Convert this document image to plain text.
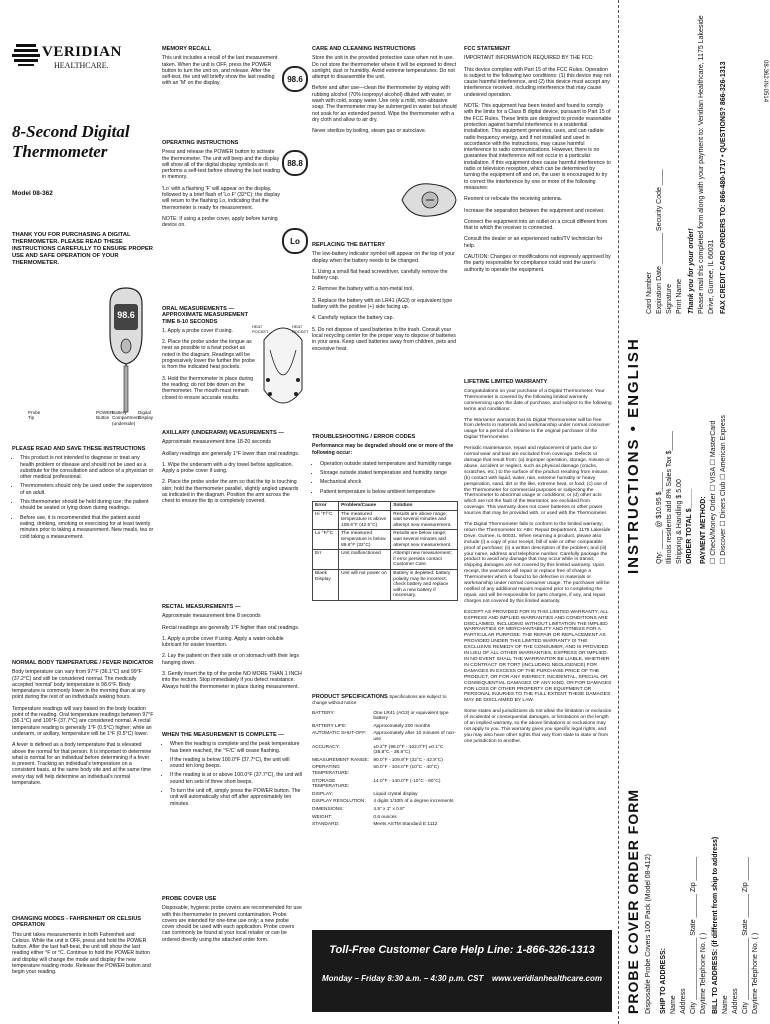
VERIDIAN
HEALTHCARE.
8-Second Digital Thermometer
Model 08-362
THANK YOU FOR PURCHASING A DIGITAL THERMOMETER. PLEASE READ THESE INSTRUCTIONS CAREFULLY TO ENSURE PROPER USE AND SAFE OPERATION OF YOUR THERMOMETER.
98.6
Probe Tip
POWER Button
Battery Compartment (underside)
Digital Display
PLEASE READ AND SAVE THESE INSTRUCTIONS
• This product is not intended to diagnose or treat any health problem or disease and should not be used as a substitute for the consultation and advice of a physician or other medical professional.
• Thermometers should only be used under the supervision of an adult.
• This thermometer should be held during use; the patient should be seated or lying down during readings.
• Before use, it is recommended that the patient avoid eating, drinking, smoking or exercising for at least twenty minutes prior to taking a measurement. New meals, tea or cold taking a measurement.
NORMAL BODY TEMPERATURE / FEVER INDICATOR

Body temperature can vary from 97°F (36.1°C) and 99°F (37.2°C) and still be considered normal. The medically accepted 'normal' body temperature is 98.6°F. Body temperature is commonly lower in the morning than at any point during the rest of an individual's waking hours.

Temperature readings will vary based on the body location point of the reading. Oral temperature readings between 97°F (36.1°C) and 100°F (37.7°C) are considered normal. A rectal temperature reading is generally 1°F (0.5°C) higher; while an underarm, or axillary, temperature will be 1°F (0.5°C) lower.

A fever is defined as a body temperature that is elevated above the normal for that person. It is important to determine what is normal for an individual before determining if a fever is present. Tracking an individual's temperature on a consistent basis, at the same body site and at the same time every day will help determine an individual's normal temperature.

CHANGING MODES - FAHRENHEIT OR CELSIUS OPERATION

This unit takes measurements in both Fahrenheit and Celsius. While the unit is OFF, press and hold the POWER button. After the last half-beat, the unit will show the last reading either °F or °C. Continue to hold the POWER button and display will change the mode and display the new temperature reading mode. Release the POWER button and begin your reading.

MEMORY RECALL

This unit includes a recall of the last measurement taken. When the unit is OFF, press the POWER button to turn the unit on, and release. After the self-test, the unit will briefly show the last reading with an 'M' on the display.	98.6
OPERATING INSTRUCTIONS

Press and release the POWER button to activate the thermometer. The unit will beep and the display will show all of the digital display symbols as it performs a self-test before showing the last reading in memory.

'Lo' with a flashing 'F' will appear on the display, followed by a brief flash of 'Lo F' (32°C); the display will return to the flashing Lo, indicating that the thermometer is ready for measurement.

NOTE: If using a probe cover, apply before turning device on.

88.8
Lo
ORAL MEASUREMENTS — APPROXIMATE MEASUREMENT TIME 8-10 SECONDS

1. Apply a probe cover if using.

2. Place the probe under the tongue as near as possible to a heat pocket as noted in the diagram. Readings will be progressively lower the further the probe is from the indicated heat pockets.

3. Hold the thermometer in place during the reading; do not bite down on the thermometer. The mouth must remain closed to ensure accurate results.

HEAT POCKET
HEAT POCKET
AXILLARY (UNDERARM) MEASUREMENTS —

Approximate measurement time 18-20 seconds

Axillary readings are generally 1°F lower than oral readings.

1. Wipe the underarm with a dry towel before application. Apply a probe cover if using.

2. Place the probe under the arm so that the tip is touching skin; hold the thermometer parallel, slightly angled upwards as indicated in the diagram. Position the arm across the chest to ensure the tip is completely covered.

RECTAL MEASUREMENTS —

Approximate measurement time 8 seconds

Rectal readings are generally 1°F higher than oral readings.

1. Apply a probe cover if using. Apply a water-soluble lubricant for easier insertion.

2. Lay the patient on their side or on stomach with their legs hanging down.

3. Gently insert the tip of the probe NO MORE THAN 1 INCH into the rectum. Stop immediately if you detect resistance. Always hold the thermometer in place during measurement.

WHEN THE MEASUREMENT IS COMPLETE —
• When the reading is complete and the peak temperature has been reached, the '°F/C' will cease flashing.
• If the reading is below 100.0°F (37.7°C), the unit will sound ten long beeps.
• If the reading is at or above 100.0°F (37.7°C), the unit will sound ten sets of three short beeps.
• To turn the unit off, simply press the POWER button. The unit will automatically shut off after approximately ten minutes.
PROBE COVER USE

Disposable, hygienic probe covers are recommended for use with this thermometer to prevent contamination. Probe covers are intended for one-time use only; a new probe cover should be used with each application. Probe covers can commonly be found at your local retailer or can be ordered directly using the attached order form.

CARE AND CLEANING INSTRUCTIONS

Store the unit in the provided protective case when not in use. Do not store the thermometer where it will be exposed to direct sunlight, dust or humidity. Avoid extreme temperatures. Do not attempt to disassemble the unit.

Before and after use—clean the thermometer by wiping with rubbing alcohol (70% isopropyl alcohol) diluted with water, or wash with cold, soapy water. Use only a mild, non-abrasive soap. The thermometer may be submerged in water but should not soak for an extended period. Wipe the thermometer with a dry cloth and allow to air dry.

Never sterilize by boiling, steam gas or autoclave.

REPLACING THE BATTERY

The low-battery indicator symbol will appear on the top of your display when the battery needs to be changed.

1. Using a small flat head screwdriver, carefully remove the battery cap.

2. Remove the battery with a non-metal tool.

3. Replace the battery with an LR41 (AG3) or equivalent type battery with the positive (+) side facing up.

4. Carefully replace the battery cap.

5. Do not dispose of used batteries in the trash. Consult your local recycling center for the proper way to dispose of batteries in your area. Keep used batteries away from children, pets and excessive heat.

TROUBLESHOOTING / ERROR CODES

Performance may be degraded should one or more of the following occur:

• Operation outside stated temperature and humidity range
• Storage outside stated temperature and humidity range
• Mechanical shock
• Patient temperature is below ambient temperature
Error	Problem/Cause	Solution
Hi °F/°C	The measured temperature is above 108.6°F (42.5°C)	Results are above range; wait several minutes and attempt new measurement.
Lo °F/°C	The measured temperature is below 89.6°F (32°C)	Results are below range; wait several minutes and attempt new measurement.
Err	Unit malfunctioned	Attempt new measurement; if error persists contact Customer Care.
Blank Display	Unit will not power on	Battery is depleted; battery polarity may be incorrect; check battery and replace with a new battery if necessary.
PRODUCT SPECIFICATIONS Specifications are subject to change without notice
BATTERY:	One LR41 (AG3) or equivalent type battery
BATTERY LIFE:	Approximately 200 months
AUTOMATIC SHUT-OFF:	Approximately after 10 minutes of non-use
ACCURACY:	±0.2°F (98.0°F - 102.0°F) ±0.1°C (35.8°C - 38.8°C)
MEASUREMENT RANGE:	90.0°F - 109.9°F (32°C - 42.9°C)
OPERATING TEMPERATURE:	50.0°F - 104.0°F (10°C - 40°C)
STORAGE TEMPERATURE:	14.0°F - 140.0°F (-10°C - 60°C)
DISPLAY:	Liquid crystal display
DISPLAY RESOLUTION:	4 digits 1/10th of a degree increments
DIMENSIONS:	4.5" x 1" x 0.8"
WEIGHT:	0.6 ounces
STANDARD:	Meets ASTM Standard E 1112
FCC STATEMENT

IMPORTANT INFORMATION REQUIRED BY THE FCC:

This device complies with Part 15 of the FCC Rules. Operation is subject to the following two conditions: (1) this device may not cause harmful interference, and (2) this device must accept any interference received, including interference that may cause undesired operation.

NOTE: This equipment has been tested and found to comply with the limits for a Class B digital device, pursuant to Part 15 of the FCC Rules. These limits are designed to provide reasonable protection against harmful interference in a residential installation. This equipment generates, uses, and can radiate radio frequency energy, and if not installed and used in accordance with the instructions, may cause harmful interference to radio communications. However, there is no guarantee that interference will not occur in a particular installation. If this equipment does cause harmful interference to radio or television reception, which can be determined by turning the equipment off and on, the user is encouraged to try to correct the interference by one or more of the following measures:

Reorient or relocate the receiving antenna.

Increase the separation between the equipment and receiver.

Connect the equipment into an outlet on a circuit different from that to which the receiver is connected.

Consult the dealer or an experienced radio/TV technician for help.

CAUTION: Changes or modifications not expressly approved by the party responsible for compliance could void the user's authority to operate the equipment.

LIFETIME LIMITED WARRANTY

Congratulations on your purchase of a Digital Thermometer. Your Thermometer is covered by the following limited warranty commencing upon the date of purchase, and subject to the following terms and conditions:

The Warrantor warrants that its Digital Thermometer will be free from defects in materials and workmanship under normal consumer usage for a period of a lifetime to the original purchaser of the Digital Thermometer.

Periodic maintenance, repair and replacement of parts due to normal wear and tear are excluded from coverage. Defects or damage that result from: (a) improper operation, storage, misuse or abuse, accident or neglect, such as physical damage (cracks, scratches, etc.) to the surface of the product resulting from misuse; (b) contact with liquid, water, rain, extreme humidity or heavy perspiration, sand, dirt or the like, extreme heat, or food; (c) use of the Thermometer for commercial purposes or subjecting the Thermometer to abnormal usage or conditions; or (d) other acts which are not the fault of the Warrantor, are excluded from coverage. This warranty does not cover batteries or other power sources that may be provided with, or used with the Thermometer.

The Digital Thermometer falls to conform to the limited warranty; return the Thermometer to: Attn: Repair Department, 1175 Lakeside Drive, Gurnee, IL 60031. When returning a product, please also include (i) a copy of your receipt, bill of sale or other comparable proof of purchase; (ii) a written description of the problem; and (iii) your name, address and telephone number. Carefully package the product to avoid any damage that may occur while in transit; shipping damages are not covered by this limited warranty. Upon receipt, the warrantor will repair or replace free of charge a Thermometer which is found to be defective in materials or workmanship under normal consumer usage. The purchaser will be notified of any additional repairs required prior to completing the repair, and will be responsible for parts charges, if any, and repair charges not covered by this limited warranty.

EXCEPT AS PROVIDED FOR IN THIS LIMITED WARRANTY, ALL EXPRESS AND IMPLIED WARRANTIES AND CONDITIONS ARE DISCLAIMED, INCLUDING WITHOUT LIMITATION THE IMPLIED WARRANTIES OF MERCHANTABILITY AND FITNESS FOR A PARTICULAR PURPOSE. THE REPAIR OR REPLACEMENT AS PROVIDED UNDER THIS LIMITED WARRANTY IS THE EXCLUSIVE REMEDY OF THE CONSUMER, AND IS PROVIDED IN LIEU OF ALL OTHER WARRANTIES, EXPRESS OR IMPLIED. IN NO EVENT SHALL THE WARRANTOR BE LIABLE, WHETHER IN CONTRACT OR TORT (INCLUDING NEGLIGENCE) FOR DAMAGES IN EXCESS OF THE PURCHASE PRICE OF THE PRODUCT, OR FOR ANY INDIRECT, INCIDENTAL, SPECIAL OR CONSEQUENTIAL DAMAGES OF ANY KIND, OR FOR DAMAGES FOR LOSS OF OTHER PROPERTY OR EQUIPMENT OR PERSONAL INJURIES TO THE FULL EXTENT THESE DAMAGES MAY BE DISCLAIMED BY LAW.

Some states and jurisdictions do not allow the limitation or exclusion of incidental or consequential damages, or limitations on the length of an implied warranty, so the above limitations or exclusions may not apply to you. This warranty gives you specific legal rights, and you may also have other rights that vary from state to state or from one jurisdiction to another.

Toll-Free Customer Care Help Line: 1-866-326-1313
Monday – Friday 8:30 a.m. – 4:30 p.m. CST www.veridianhealthcare.com PROBE COVER ORDER FORM
INSTRUCTIONS • ENGLISH
Disposable Probe Covers 100 Pack (Model 08-412) SHIP TO ADDRESS: Name Address City ________________ State ______ Zip ______
Daytime Telephone No. ( ) BILL TO ADDRESS: (if different from ship to address) Name Address City ________________ State ______ Zip ______
Daytime Telephone No. ( )
Qty: _____ @ $10.95 $_____ Illinois residents add 8% Sales Tax $_____ Shipping & Handling $ 5.00 ORDER TOTAL $_____ PAYMENT METHOD: ☐ Check/Money Order ☐ VISA ☐ MasterCard
☐ Discover ☐ Diners Club ☐ American Express
Card Number Expiration Date ________ Security Code ____
Signature Print Name Thank you for your order! Please mail this completed form along with your payment to: Veridian Healthcare, 1175 Lakeside Drive, Gurnee, IL 60031 FAX CREDIT CARD ORDERS TO: 866-480-1717 • QUESTIONS? 866-326-1313	08-362-IN-0514
